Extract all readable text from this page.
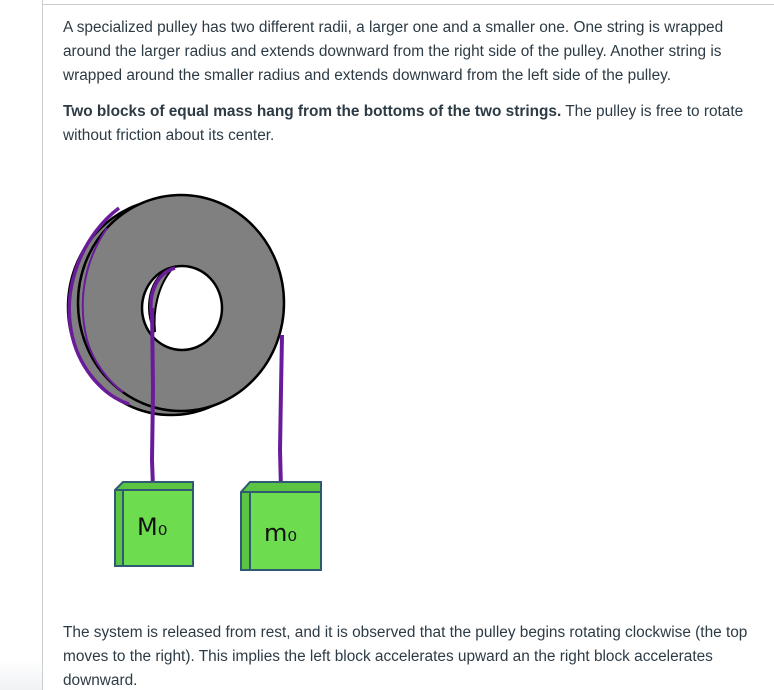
A specialized pulley has two different radii, a larger one and a smaller one. One string is wrapped around the larger radius and extends downward from the right side of the pulley. Another string is wrapped around the smaller radius and extends downward from the left side of the pulley.

Two blocks of equal mass hang from the bottoms of the two strings. The pulley is free to rotate without friction about its center.

M₀	m₀

The system is released from rest, and it is observed that the pulley begins rotating clockwise (the top moves to the right). This implies the left block accelerates upward an the right block accelerates downward.
